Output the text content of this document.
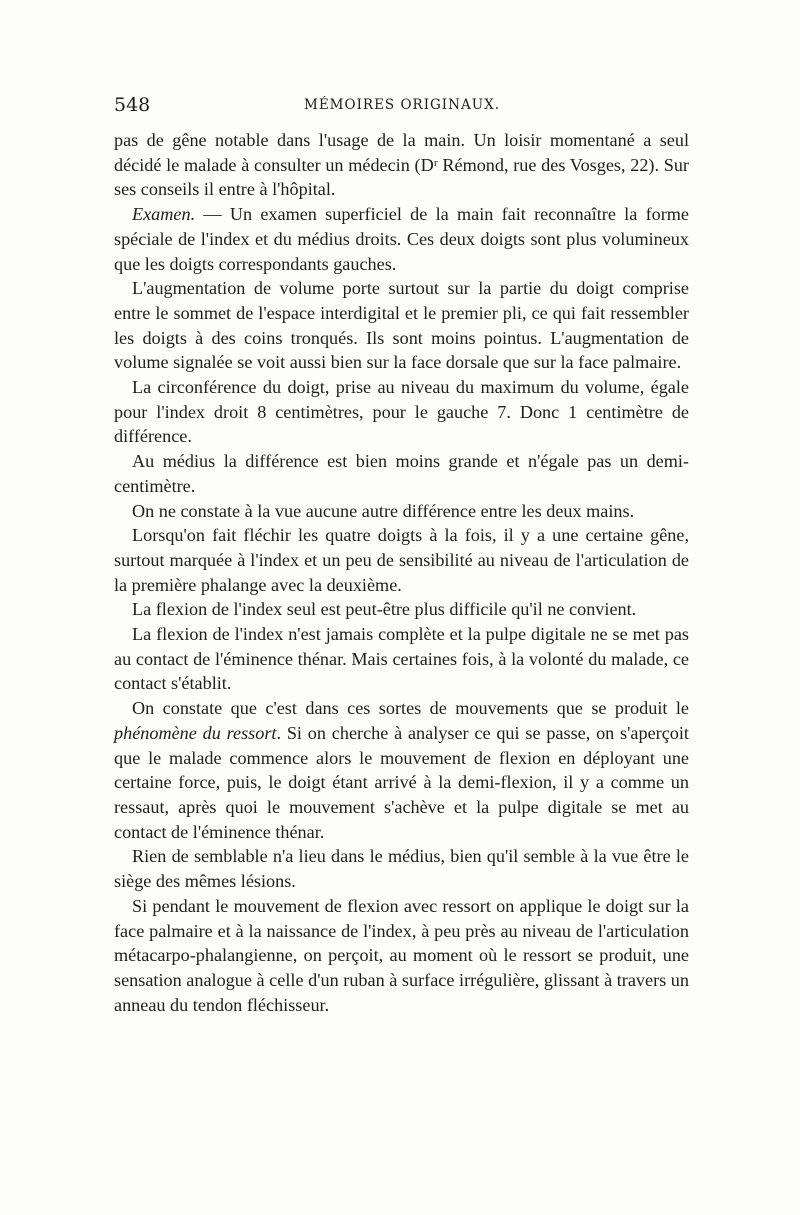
548	MÉMOIRES ORIGINAUX.

pas de gêne notable dans l'usage de la main. Un loisir momentané a seul décidé le malade à consulter un médecin (Dʳ Rémond, rue des Vosges, 22). Sur ses conseils il entre à l'hôpital.

Examen. — Un examen superficiel de la main fait reconnaître la forme spéciale de l'index et du médius droits. Ces deux doigts sont plus volumineux que les doigts correspondants gauches.

L'augmentation de volume porte surtout sur la partie du doigt comprise entre le sommet de l'espace interdigital et le premier pli, ce qui fait ressembler les doigts à des coins tronqués. Ils sont moins pointus. L'augmentation de volume signalée se voit aussi bien sur la face dorsale que sur la face palmaire.

La circonférence du doigt, prise au niveau du maximum du volume, égale pour l'index droit 8 centimètres, pour le gauche 7. Donc 1 centimètre de différence.

Au médius la différence est bien moins grande et n'égale pas un demi-centimètre.

On ne constate à la vue aucune autre différence entre les deux mains.

Lorsqu'on fait fléchir les quatre doigts à la fois, il y a une certaine gêne, surtout marquée à l'index et un peu de sensibilité au niveau de l'articulation de la première phalange avec la deuxième.

La flexion de l'index seul est peut-être plus difficile qu'il ne convient.

La flexion de l'index n'est jamais complète et la pulpe digitale ne se met pas au contact de l'éminence thénar. Mais certaines fois, à la volonté du malade, ce contact s'établit.

On constate que c'est dans ces sortes de mouvements que se produit le phénomène du ressort. Si on cherche à analyser ce qui se passe, on s'aperçoit que le malade commence alors le mouvement de flexion en déployant une certaine force, puis, le doigt étant arrivé à la demi-flexion, il y a comme un ressaut, après quoi le mouvement s'achève et la pulpe digitale se met au contact de l'éminence thénar.

Rien de semblable n'a lieu dans le médius, bien qu'il semble à la vue être le siège des mêmes lésions.

Si pendant le mouvement de flexion avec ressort on applique le doigt sur la face palmaire et à la naissance de l'index, à peu près au niveau de l'articulation métacarpo-phalangienne, on perçoit, au moment où le ressort se produit, une sensation analogue à celle d'un ruban à surface irrégulière, glissant à travers un anneau du tendon fléchisseur.
